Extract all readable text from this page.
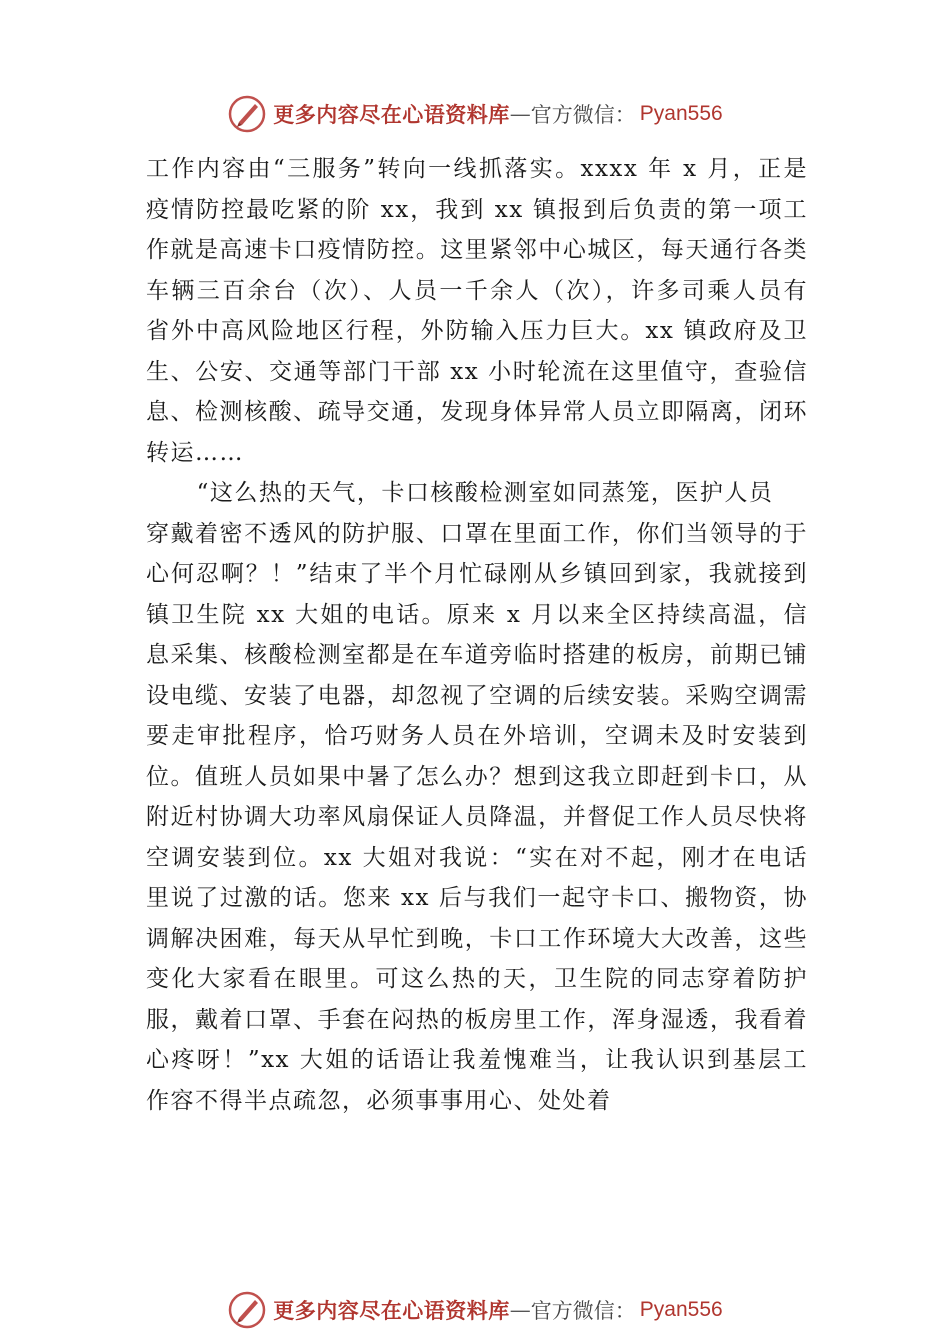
更多内容尽在心语资料库 — 官方微信： Pyan556

工作内容由“三服务”转向一线抓落实。xxxx 年 x 月，正是疫情防控最吃紧的阶 xx，我到 xx 镇报到后负责的第一项工作就是高速卡口疫情防控。这里紧邻中心城区，每天通行各类车辆三百余台（次）、人员一千余人（次），许多司乘人员有省外中高风险地区行程，外防输入压力巨大。xx 镇政府及卫生、公安、交通等部门干部 xx 小时轮流在这里值守，查验信息、检测核酸、疏导交通，发现身体异常人员立即隔离，闭环转运……

“这么热的天气，卡口核酸检测室如同蒸笼，医护人员

穿戴着密不透风的防护服、口罩在里面工作，你们当领导的于心何忍啊？！”结束了半个月忙碌刚从乡镇回到家，我就接到镇卫生院 xx 大姐的电话。原来 x 月以来全区持续高温，信息采集、核酸检测室都是在车道旁临时搭建的板房，前期已铺设电缆、安装了电器，却忽视了空调的后续安装。采购空调需要走审批程序，恰巧财务人员在外培训，空调未及时安装到位。值班人员如果中暑了怎么办？想到这我立即赶到卡口，从附近村协调大功率风扇保证人员降温，并督促工作人员尽快将空调安装到位。xx 大姐对我说：“实在对不起，刚才在电话里说了过激的话。您来 xx 后与我们一起守卡口、搬物资，协调解决困难，每天从早忙到晚，卡口工作环境大大改善，这些变化大家看在眼里。可这么热的天，卫生院的同志穿着防护服，戴着口罩、手套在闷热的板房里工作，浑身湿透，我看着心疼呀！”xx 大姐的话语让我羞愧难当，让我认识到基层工作容不得半点疏忽，必须事事用心、处处着

更多内容尽在心语资料库 — 官方微信： Pyan556
